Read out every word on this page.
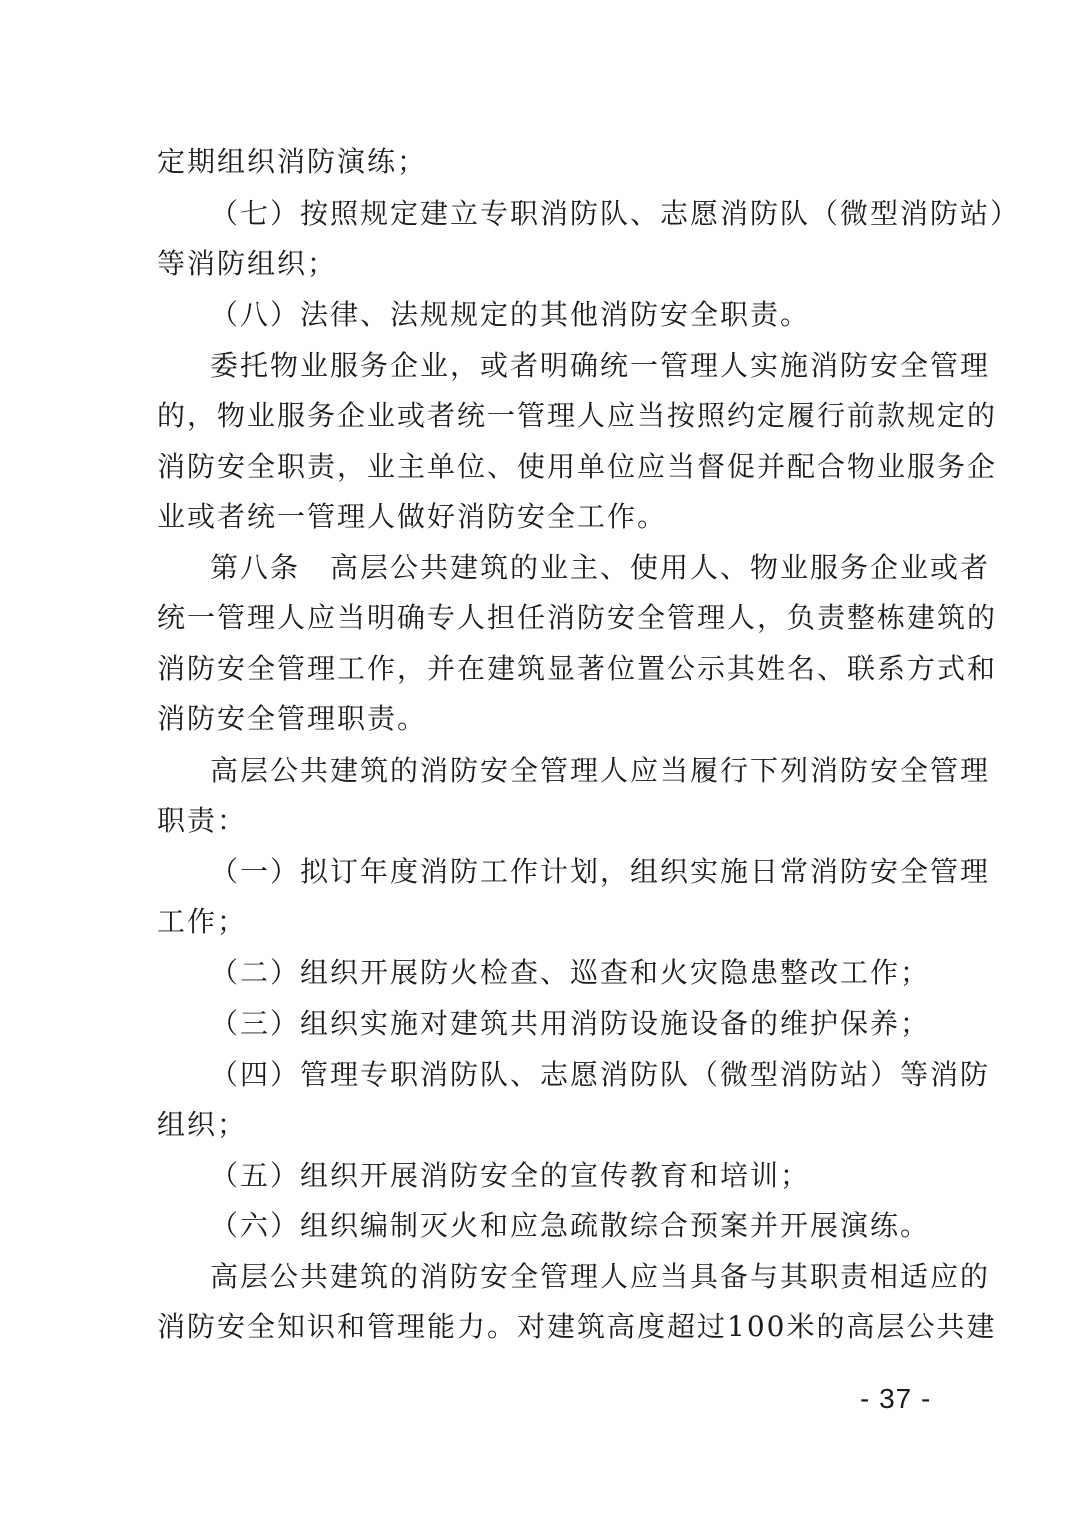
定期组织消防演练；
（七）按照规定建立专职消防队、志愿消防队（微型消防站）
等消防组织；
（八）法律、法规规定的其他消防安全职责。
委托物业服务企业，或者明确统一管理人实施消防安全管理
的，物业服务企业或者统一管理人应当按照约定履行前款规定的
消防安全职责，业主单位、使用单位应当督促并配合物业服务企
业或者统一管理人做好消防安全工作。
第八条　高层公共建筑的业主、使用人、物业服务企业或者
统一管理人应当明确专人担任消防安全管理人，负责整栋建筑的
消防安全管理工作，并在建筑显著位置公示其姓名、联系方式和
消防安全管理职责。
高层公共建筑的消防安全管理人应当履行下列消防安全管理
职责：
（一）拟订年度消防工作计划，组织实施日常消防安全管理
工作；
（二）组织开展防火检查、巡查和火灾隐患整改工作；
（三）组织实施对建筑共用消防设施设备的维护保养；
（四）管理专职消防队、志愿消防队（微型消防站）等消防
组织；
（五）组织开展消防安全的宣传教育和培训；
（六）组织编制灭火和应急疏散综合预案并开展演练。
高层公共建筑的消防安全管理人应当具备与其职责相适应的
消防安全知识和管理能力。对建筑高度超过100米的高层公共建
- 37 -
